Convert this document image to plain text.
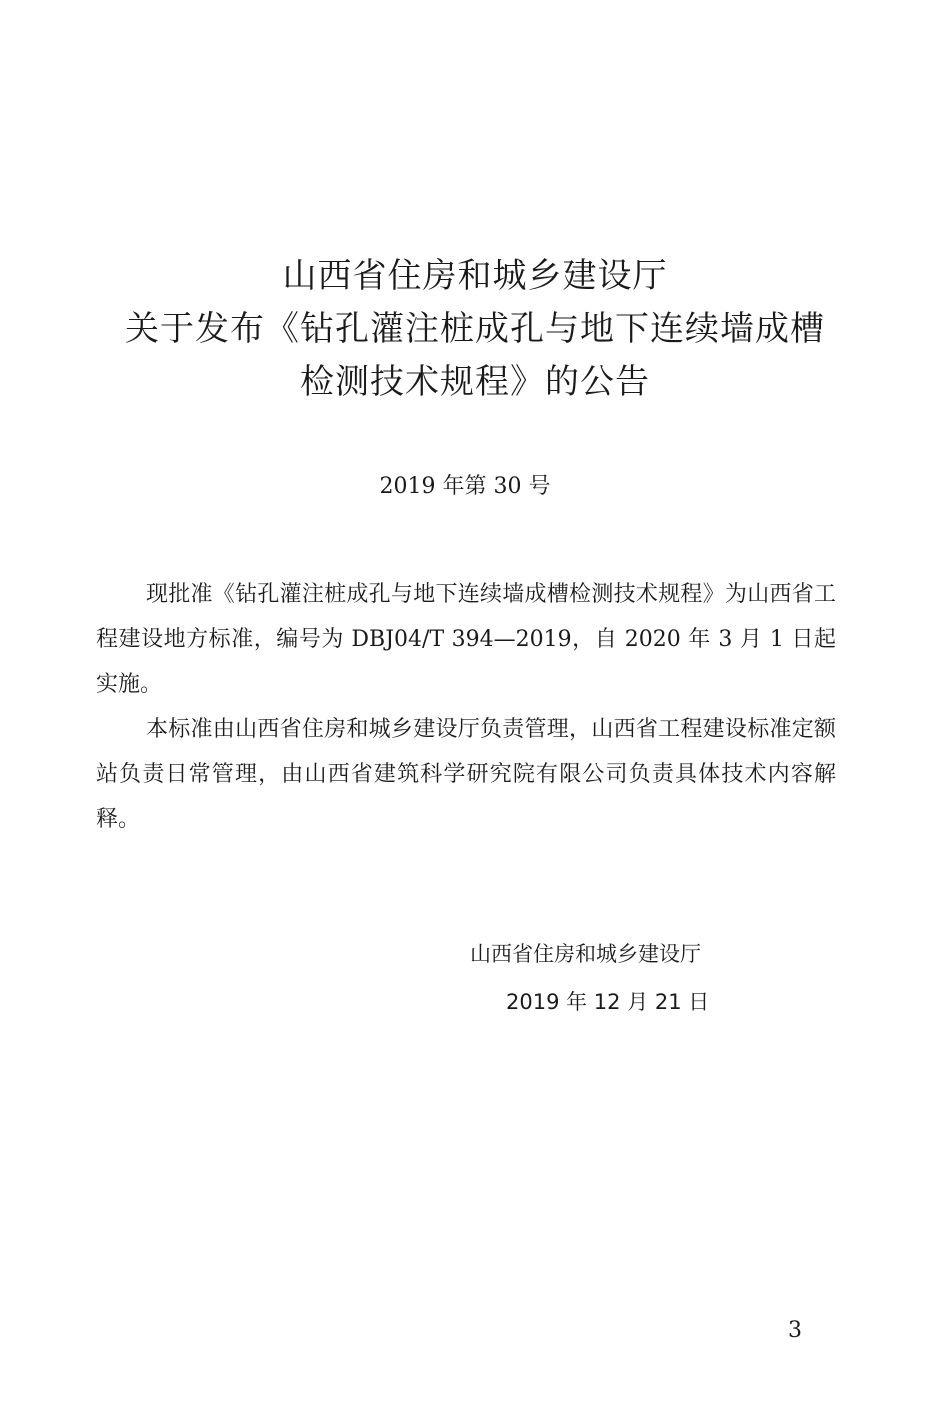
山西省住房和城乡建设厅
关于发布《钻孔灌注桩成孔与地下连续墙成槽
检测技术规程》的公告
2019 年第 30 号

现批准《钻孔灌注桩成孔与地下连续墙成槽检测技术规程》为山西省工程建设地方标准，编号为 DBJ04/T 394—2019，自 2020 年 3 月 1 日起实施。

本标准由山西省住房和城乡建设厅负责管理，山西省工程建设标准定额站负责日常管理，由山西省建筑科学研究院有限公司负责具体技术内容解释。

山西省住房和城乡建设厅
2019 年 12 月 21 日
3
